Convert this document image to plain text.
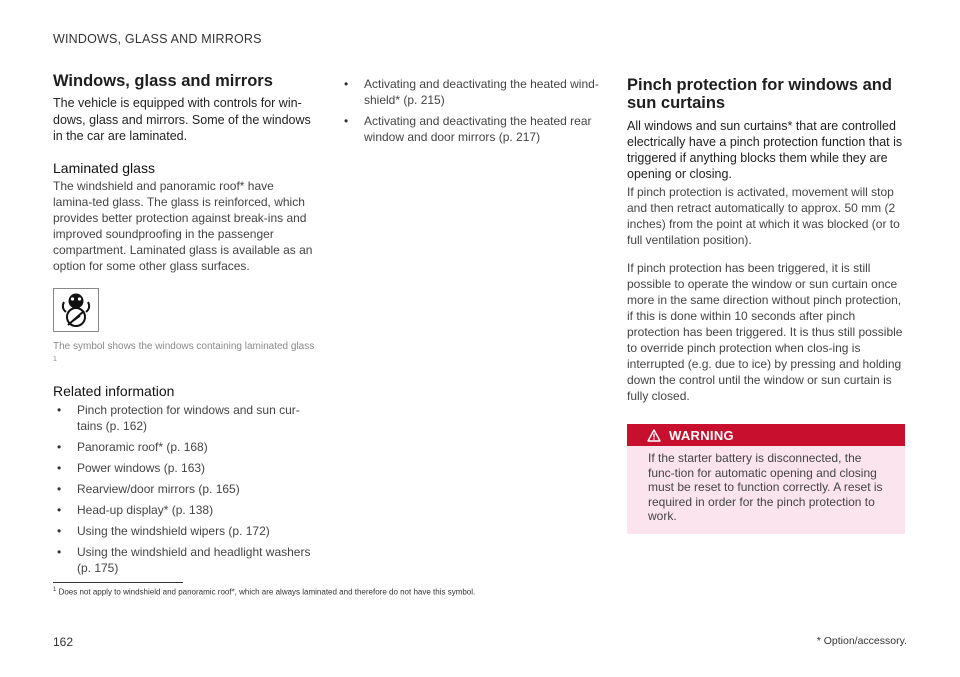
WINDOWS, GLASS AND MIRRORS
Windows, glass and mirrors

The vehicle is equipped with controls for win-dows, glass and mirrors. Some of the windows in the car are laminated.

Laminated glass

The windshield and panoramic roof* have lamina-ted glass. The glass is reinforced, which provides better protection against break-ins and improved soundproofing in the passenger compartment. Laminated glass is available as an option for some other glass surfaces.

The symbol shows the windows containing laminated glass $^1$

Related information
• Pinch protection for windows and sun cur-tains (p. 162)
• Panoramic roof* (p. 168)
• Power windows (p. 163)
• Rearview/door mirrors (p. 165)
• Head-up display* (p. 138)
• Using the windshield wipers (p. 172)
• Using the windshield and headlight washers (p. 175)
• Activating and deactivating the heated wind-shield* (p. 215)
• Activating and deactivating the heated rear window and door mirrors (p. 217)
Pinch protection for windows and sun curtains

All windows and sun curtains* that are controlled electrically have a pinch protection function that is triggered if anything blocks them while they are opening or closing.

If pinch protection is activated, movement will stop and then retract automatically to approx. 50 mm (2 inches) from the point at which it was blocked (or to full ventilation position).

If pinch protection has been triggered, it is still possible to operate the window or sun curtain once more in the same direction without pinch protection, if this is done within 10 seconds after pinch protection has been triggered. It is thus still possible to override pinch protection when clos-ing is interrupted (e.g. due to ice) by pressing and holding down the control until the window or sun curtain is fully closed.

WARNING
If the starter battery is disconnected, the func-tion for automatic opening and closing must be reset to function correctly. A reset is required in order for the pinch protection to work.
$^1$ Does not apply to windshield and panoramic roof*, which are always laminated and therefore do not have this symbol.
* Option/accessory.
162
